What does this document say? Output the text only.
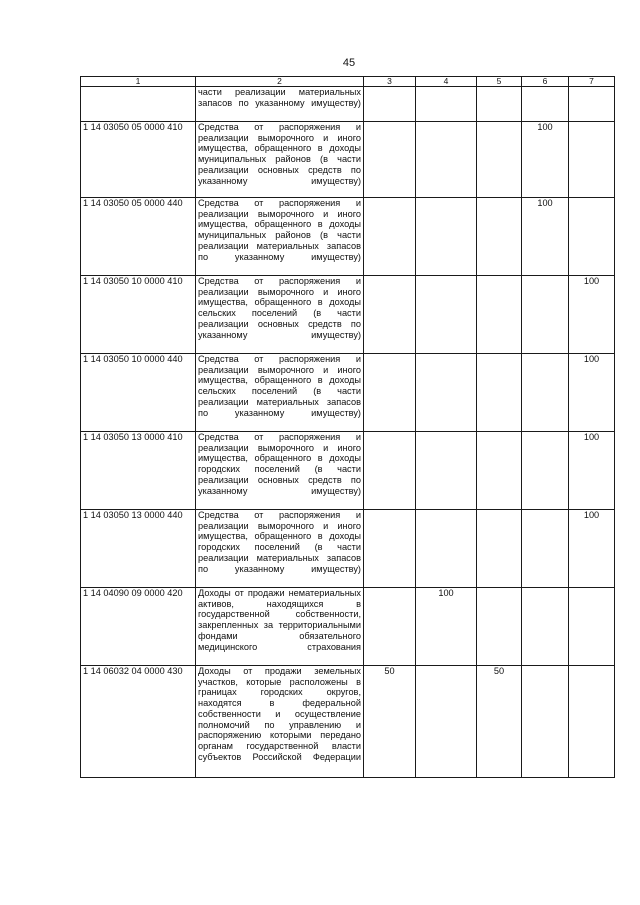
45
1	2	3	4	5	6	7
	части реализации материальных запасов по указанному имуществу)					
1 14 03050 05 0000 410	Средства от распоряжения и реализации выморочного и иного имущества, обращенного в доходы муниципальных районов (в части реализации основных средств по указанному имуществу)				100	
1 14 03050 05 0000 440	Средства от распоряжения и реализации выморочного и иного имущества, обращенного в доходы муниципальных районов (в части реализации материальных запасов по указанному имуществу)				100	
1 14 03050 10 0000 410	Средства от распоряжения и реализации выморочного и иного имущества, обращенного в доходы сельских поселений (в части реализации основных средств по указанному имуществу)					100
1 14 03050 10 0000 440	Средства от распоряжения и реализации выморочного и иного имущества, обращенного в доходы сельских поселений (в части реализации материальных запасов по указанному имуществу)					100
1 14 03050 13 0000 410	Средства от распоряжения и реализации выморочного и иного имущества, обращенного в доходы городских поселений (в части реализации основных средств по указанному имуществу)					100
1 14 03050 13 0000 440	Средства от распоряжения и реализации выморочного и иного имущества, обращенного в доходы городских поселений (в части реализации материальных запасов по указанному имуществу)					100
1 14 04090 09 0000 420	Доходы от продажи нематериальных активов, находящихся в государственной собственности, закрепленных за территориальными фондами обязательного медицинского страхования		100			
1 14 06032 04 0000 430	Доходы от продажи земельных участков, которые расположены в границах городских округов, находятся в федеральной собственности и осуществление полномочий по управлению и распоряжению которыми передано органам государственной власти субъектов Российской Федерации	50		50		
